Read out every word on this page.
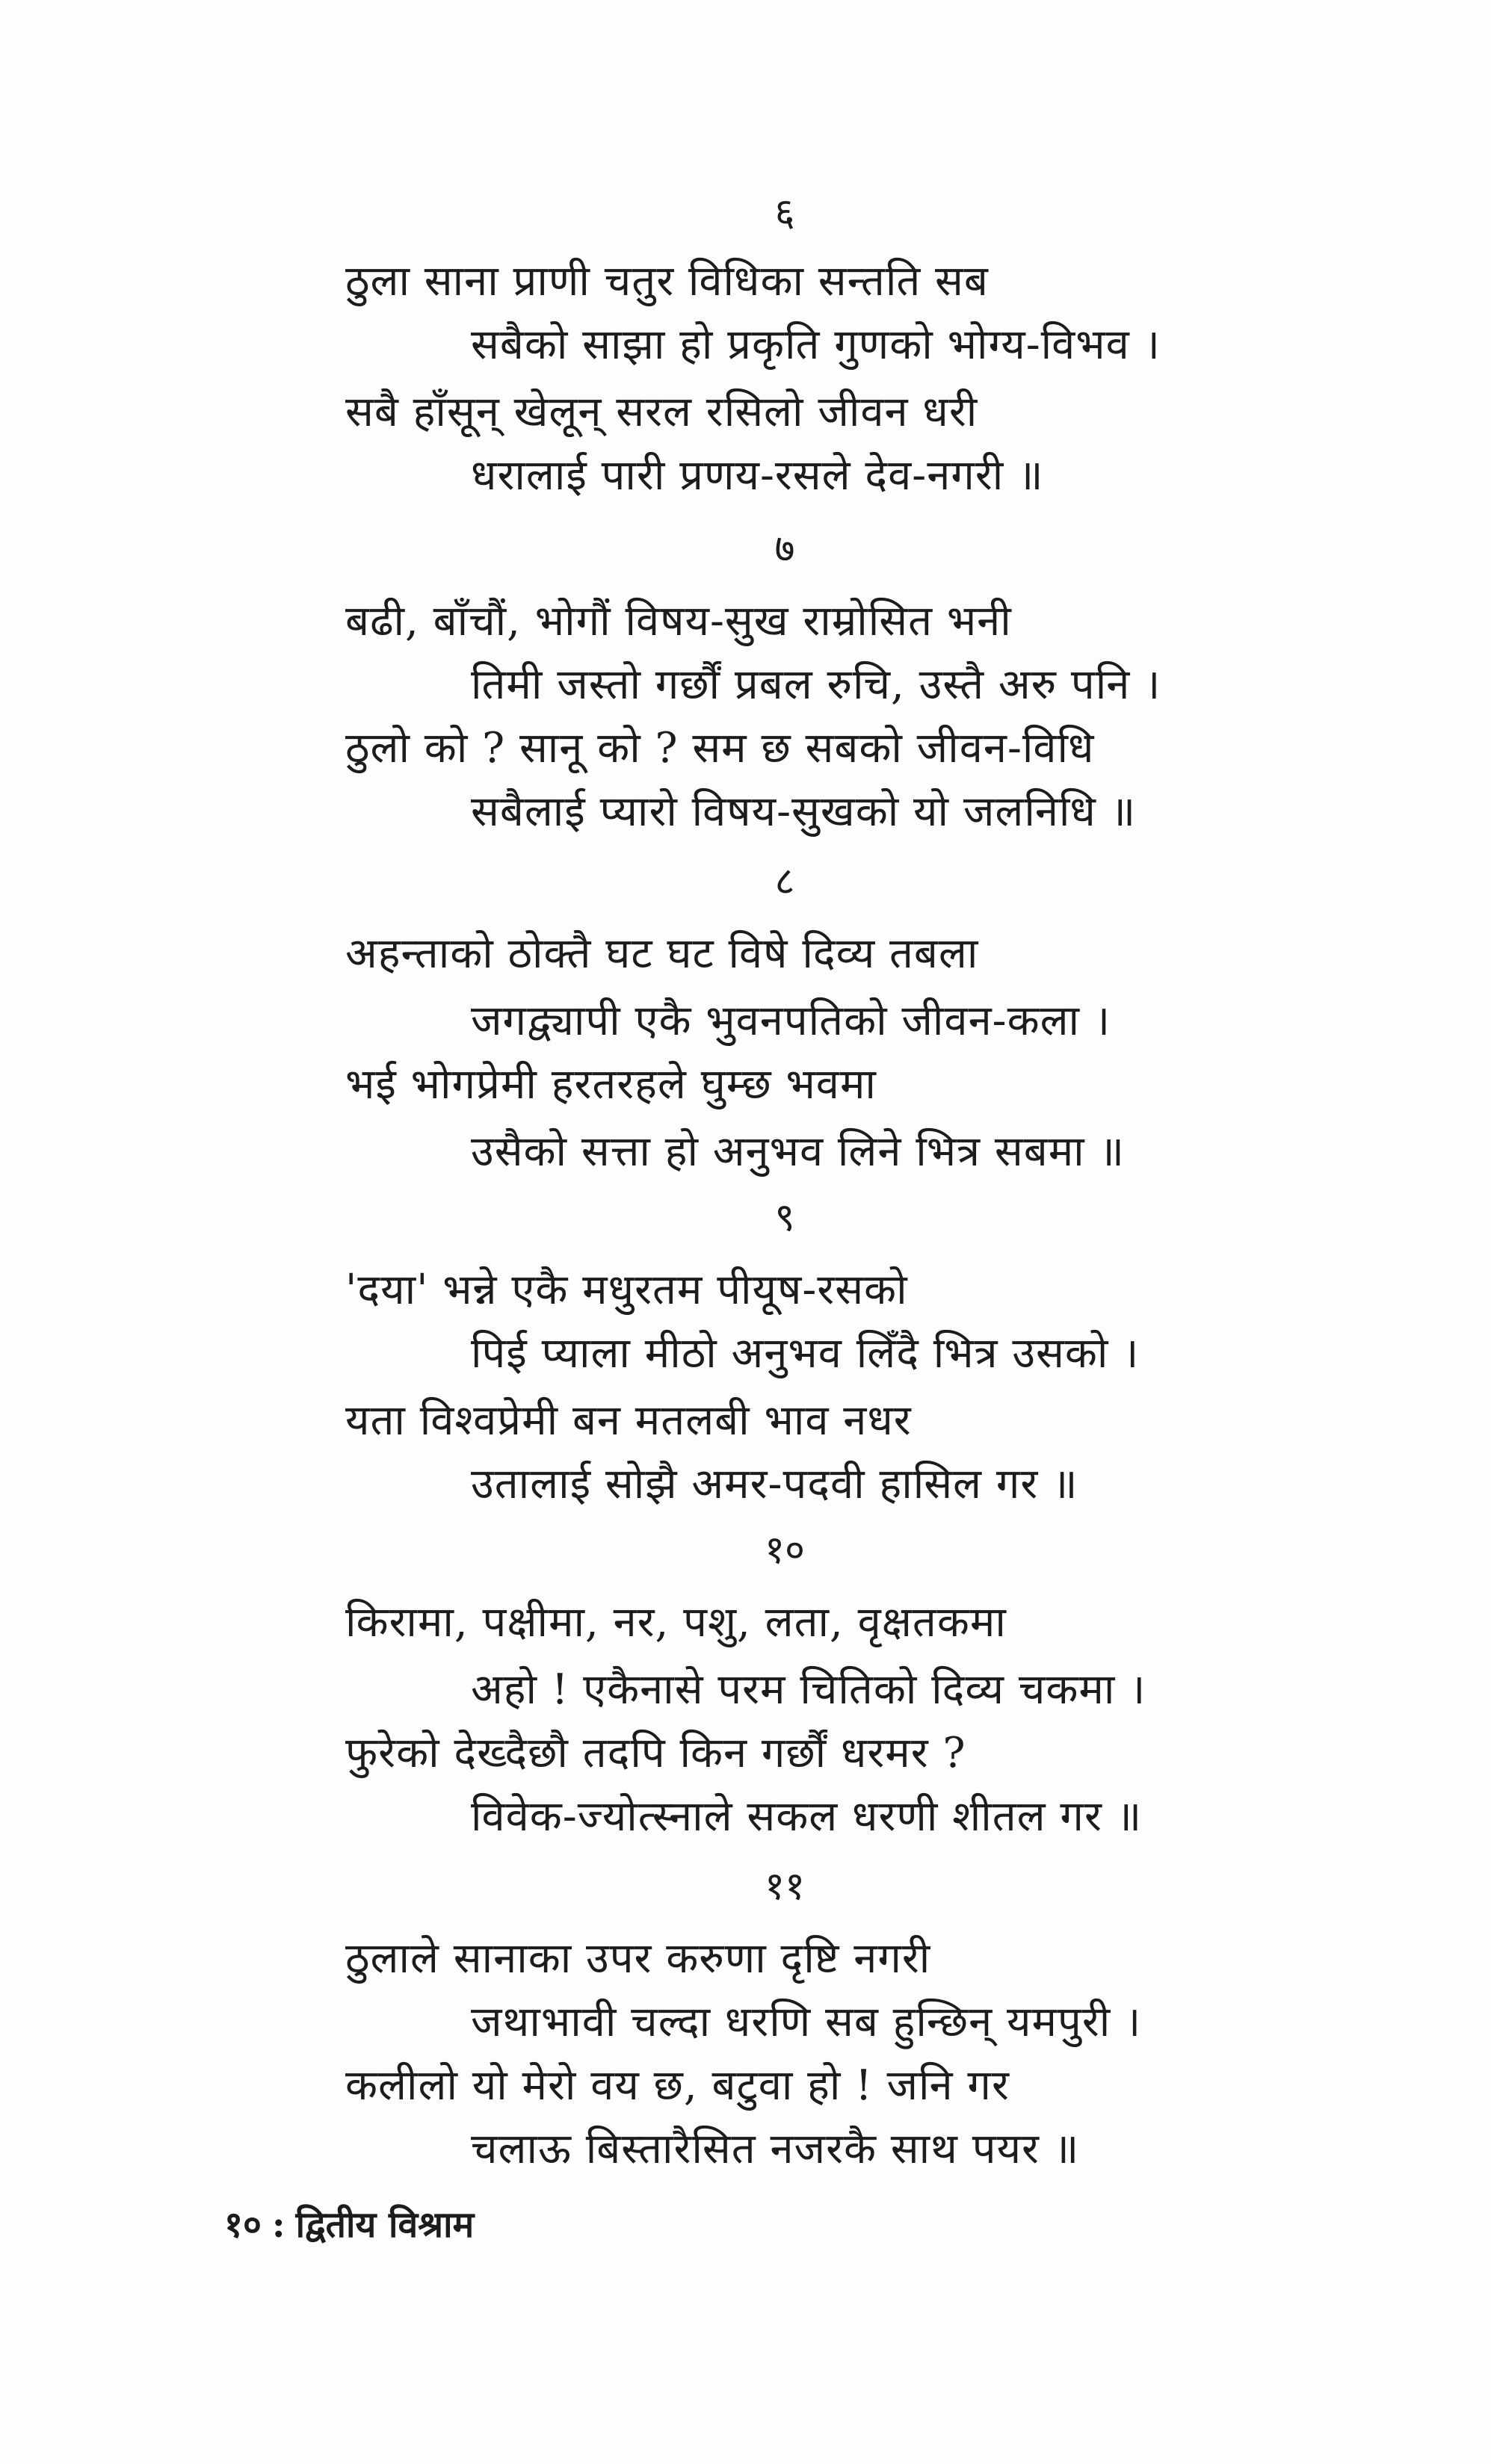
६
ठुला साना प्राणी चतुर विधिका सन्तति सब
सबैको साझा हो प्रकृति गुणको भोग्य-विभव ।
सबै हाँसून् खेलून् सरल रसिलो जीवन धरी
धरालाई पारी प्रणय-रसले देव-नगरी ॥
७
बढी, बाँचौं, भोगौं विषय-सुख राम्रोसित भनी
तिमी जस्तो गर्छौं प्रबल रुचि, उस्तै अरु पनि ।
ठुलो को ? सानू को ? सम छ सबको जीवन-विधि
सबैलाई प्यारो विषय-सुखको यो जलनिधि ॥
८
अहन्ताको ठोक्तै घट घट विषे दिव्य तबला
जगद्व्यापी एकै भुवनपतिको जीवन-कला ।
भई भोगप्रेमी हरतरहले घुम्छ भवमा
उसैको सत्ता हो अनुभव लिने भित्र सबमा ॥
९
'दया' भन्ने एकै मधुरतम पीयूष-रसको
पिई प्याला मीठो अनुभव लिँदै भित्र उसको ।
यता विश्वप्रेमी बन मतलबी भाव नधर
उतालाई सोझै अमर-पदवी हासिल गर ॥
१०
किरामा, पक्षीमा, नर, पशु, लता, वृक्षतकमा
अहो ! एकैनासे परम चितिको दिव्य चकमा ।
फुरेको देख्दैछौ तदपि किन गर्छौं धरमर ?
विवेक-ज्योत्स्नाले सकल धरणी शीतल गर ॥
११
ठुलाले सानाका उपर करुणा दृष्टि नगरी
जथाभावी चल्दा धरणि सब हुन्छिन् यमपुरी ।
कलीलो यो मेरो वय छ, बटुवा हो ! जनि गर
चलाऊ बिस्तारैसित नजरकै साथ पयर ॥
१० : द्वितीय विश्राम
